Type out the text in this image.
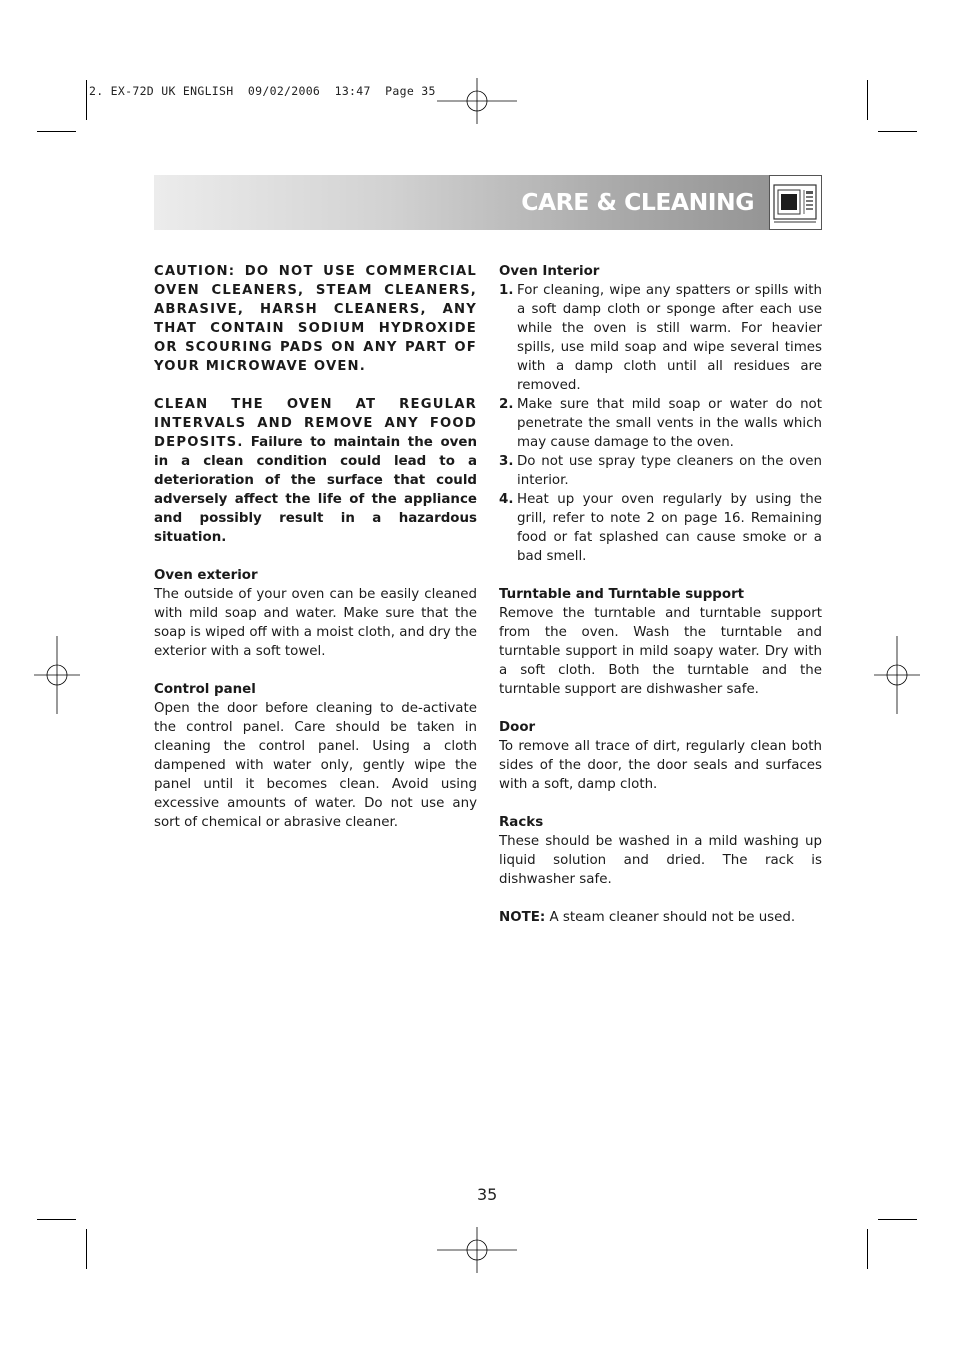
2. EX-72D UK ENGLISH  09/02/2006  13:47  Page 35
CARE & CLEANING

CAUTION: DO NOT USE COMMERCIAL OVEN CLEANERS, STEAM CLEANERS, ABRASIVE, HARSH CLEANERS, ANY THAT CONTAIN SODIUM HYDROXIDE OR SCOURING PADS ON ANY PART OF YOUR MICROWAVE OVEN.

CLEAN THE OVEN AT REGULAR INTERVALS AND REMOVE ANY FOOD DEPOSITS. Failure to maintain the oven in a clean condition could lead to a deterioration of the surface that could adversely affect the life of the appliance and possibly result in a hazardous situation.

Oven exterior

The outside of your oven can be easily cleaned with mild soap and water. Make sure that the soap is wiped off with a moist cloth, and dry the exterior with a soft towel.

Control panel

Open the door before cleaning to de-activate the control panel. Care should be taken in cleaning the control panel. Using a cloth dampened with water only, gently wipe the panel until it becomes clean. Avoid using excessive amounts of water. Do not use any sort of chemical or abrasive cleaner.

Oven Interior

1. For cleaning, wipe any spatters or spills with a soft damp cloth or sponge after each use while the oven is still warm. For heavier spills, use mild soap and wipe several times with a damp cloth until all residues are removed.
2. Make sure that mild soap or water do not penetrate the small vents in the walls which may cause damage to the oven.
3. Do not use spray type cleaners on the oven interior.
4. Heat up your oven regularly by using the grill, refer to note 2 on page 16. Remaining food or fat splashed can cause smoke or a bad smell.

Turntable and Turntable support

Remove the turntable and turntable support from the oven. Wash the turntable and turntable support in mild soapy water. Dry with a soft cloth. Both the turntable and the turntable support are dishwasher safe.

Door

To remove all trace of dirt, regularly clean both sides of the door, the door seals and surfaces with a soft, damp cloth.

Racks

These should be washed in a mild washing up liquid solution and dried. The rack is dishwasher safe.

NOTE: A steam cleaner should not be used.

35
